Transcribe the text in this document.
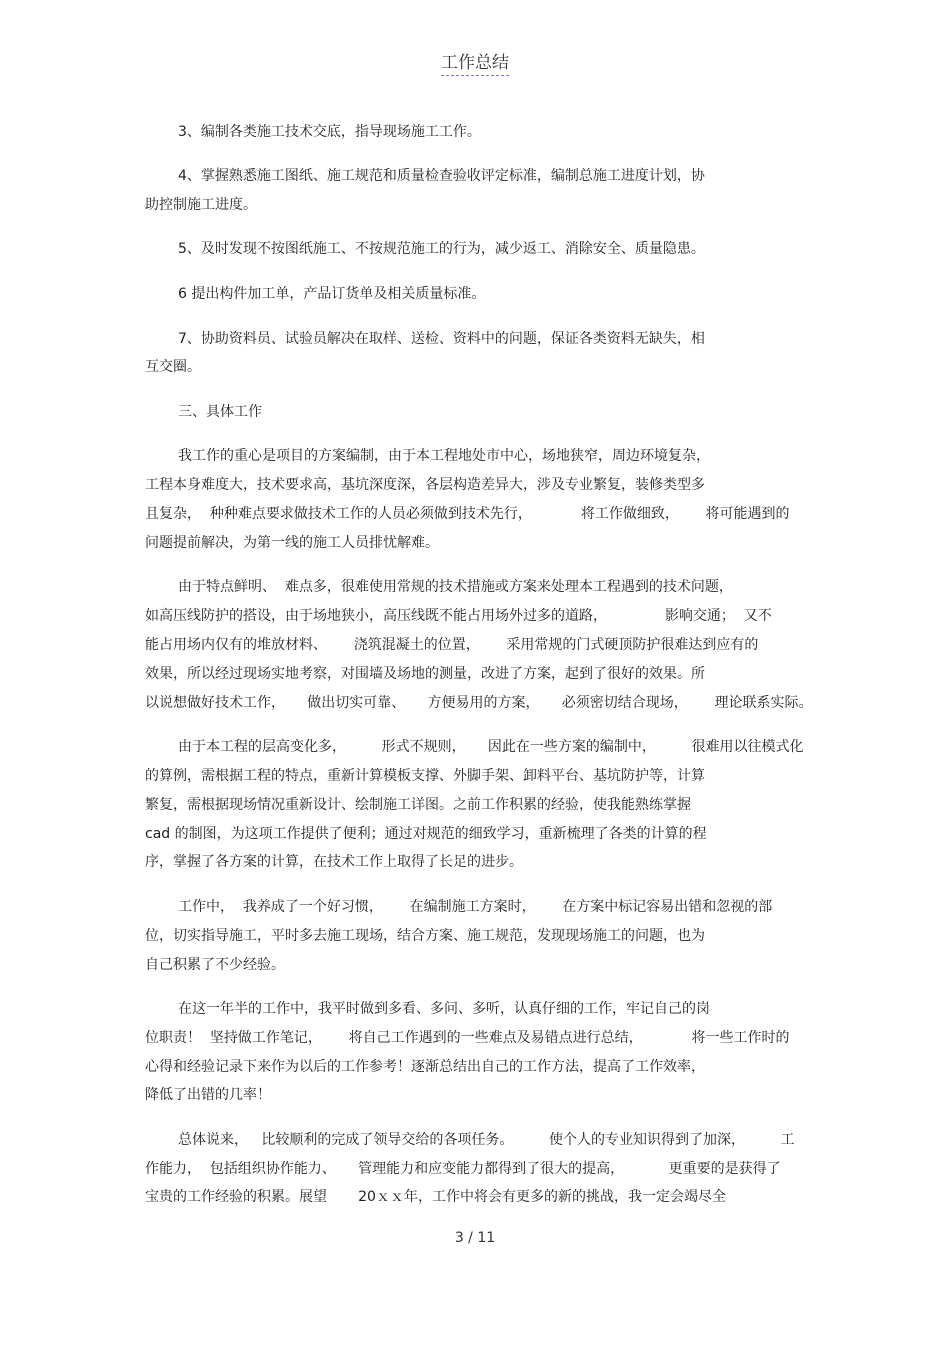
工作总结
3、编制各类施工技术交底，指导现场施工工作。
4、掌握熟悉施工图纸、施工规范和质量检查验收评定标准，编制总施工进度计划，协
助控制施工进度。
5、及时发现不按图纸施工、不按规范施工的行为，减少返工、消除安全、质量隐患。
6 提出构件加工单，产品订货单及相关质量标准。
7、协助资料员、试验员解决在取样、送检、资料中的问题，保证各类资料无缺失，相
互交圈。
三、具体工作
我工作的重心是项目的方案编制，由于本工程地处市中心，场地狭窄，周边环境复杂，
工程本身难度大，技术要求高，基坑深度深，各层构造差异大，涉及专业繁复，装修类型多
且复杂，  种种难点要求做技术工作的人员必须做到技术先行，           将工作做细致，      将可能遇到的
问题提前解决，为第一线的施工人员排忧解难。
由于特点鲜明、  难点多，很难使用常规的技术措施或方案来处理本工程遇到的技术问题，
如高压线防护的搭设，由于场地狭小，高压线既不能占用场外过多的道路，             影响交通；  又不
能占用场内仅有的堆放材料、      浇筑混凝土的位置，      采用常规的门式硬顶防护很难达到应有的
效果，所以经过现场实地考察，对围墙及场地的测量，改进了方案，起到了很好的效果。所
以说想做好技术工作，     做出切实可靠、     方便易用的方案，     必须密切结合现场，      理论联系实际。
由于本工程的层高变化多，        形式不规则，     因此在一些方案的编制中，        很难用以往模式化
的算例，需根据工程的特点，重新计算模板支撑、外脚手架、卸料平台、基坑防护等，计算
繁复，需根据现场情况重新设计、绘制施工详图。之前工作积累的经验，使我能熟练掌握
cad 的制图，为这项工作提供了便利；通过对规范的细致学习，重新梳理了各类的计算的程
序，掌握了各方案的计算，在技术工作上取得了长足的进步。
工作中，  我养成了一个好习惯，      在编制施工方案时，      在方案中标记容易出错和忽视的部
位，切实指导施工，平时多去施工现场，结合方案、施工规范，发现现场施工的问题，也为
自己积累了不少经验。
在这一年半的工作中，我平时做到多看、多问、多听，认真仔细的工作，牢记自己的岗
位职责！  坚持做工作笔记，      将自己工作遇到的一些难点及易错点进行总结，           将一些工作时的
心得和经验记录下来作为以后的工作参考！逐渐总结出自己的工作方法，提高了工作效率，
降低了出错的几率！
总体说来，   比较顺利的完成了领导交给的各项任务。        使个人的专业知识得到了加深，        工
作能力，  包括组织协作能力、     管理能力和应变能力都得到了很大的提高，          更重要的是获得了
宝贵的工作经验的积累。展望       20ｘｘ年，工作中将会有更多的新的挑战，我一定会竭尽全
3 / 11
